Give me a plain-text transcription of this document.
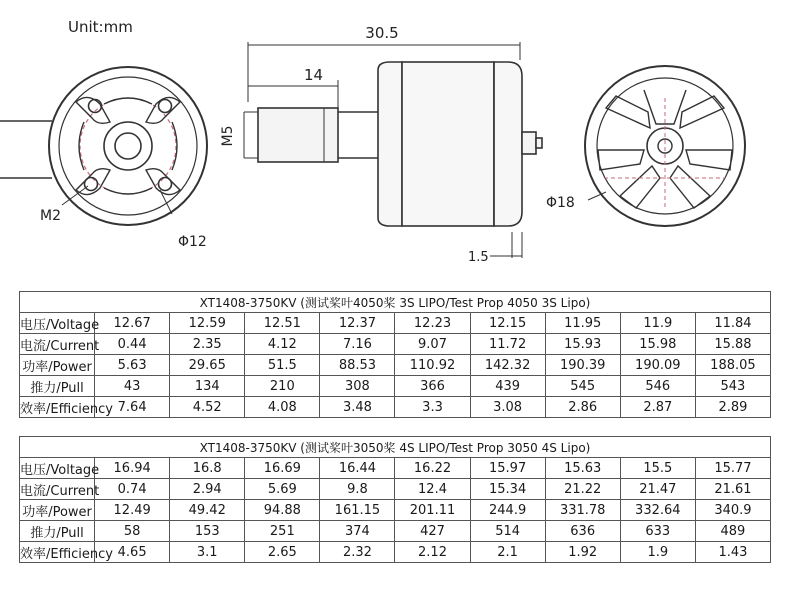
Unit:mm
M2
Φ12
30.5
14
M5
1.5
Φ18
XT1408-3750KV (测试桨叶4050桨 3S LIPO/Test Prop 4050 3S Lipo)									
电压/Voltage	12.67	12.59	12.51	12.37	12.23	12.15	11.95	11.9	11.84
电流/Current	0.44	2.35	4.12	7.16	9.07	11.72	15.93	15.98	15.88
功率/Power	5.63	29.65	51.5	88.53	110.92	142.32	190.39	190.09	188.05
推力/Pull	43	134	210	308	366	439	545	546	543
效率/Efficiency	7.64	4.52	4.08	3.48	3.3	3.08	2.86	2.87	2.89
XT1408-3750KV (测试桨叶3050桨 4S LIPO/Test Prop 3050 4S Lipo)									
电压/Voltage	16.94	16.8	16.69	16.44	16.22	15.97	15.63	15.5	15.77
电流/Current	0.74	2.94	5.69	9.8	12.4	15.34	21.22	21.47	21.61
功率/Power	12.49	49.42	94.88	161.15	201.11	244.9	331.78	332.64	340.9
推力/Pull	58	153	251	374	427	514	636	633	489
效率/Efficiency	4.65	3.1	2.65	2.32	2.12	2.1	1.92	1.9	1.43
